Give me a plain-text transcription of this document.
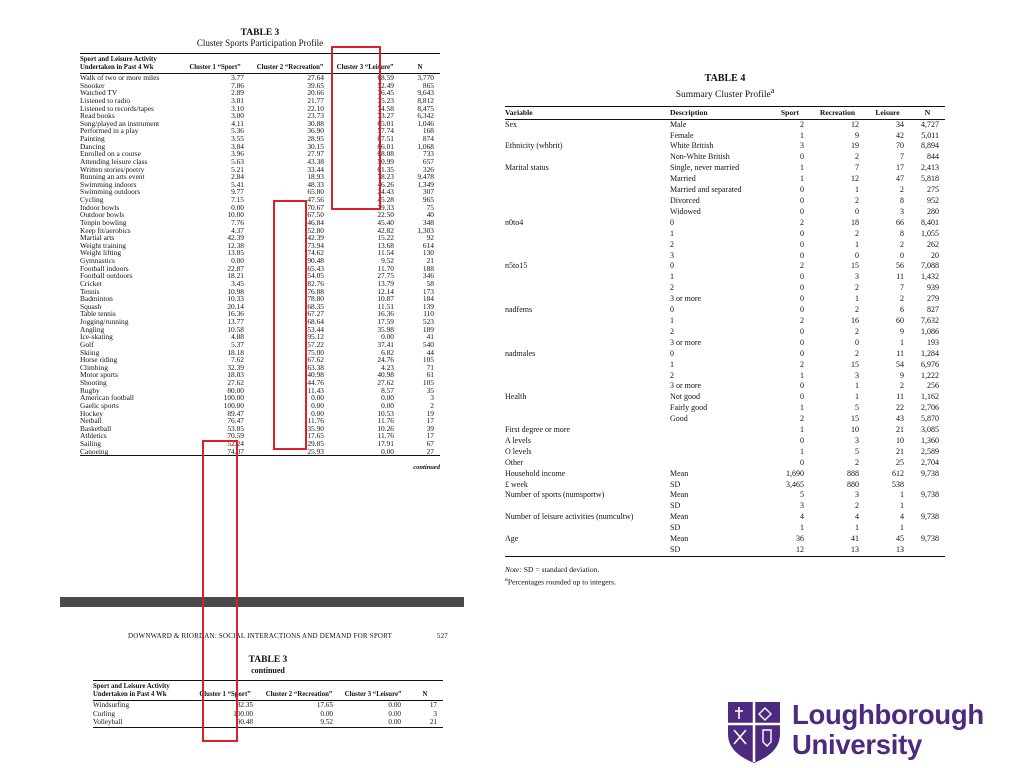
TABLE 3
Cluster Sports Participation Profile
Sport and Leisure Activity Undertaken in Past 4 Wk	Cluster 1 “Sport”	Cluster 2 “Recreation”	Cluster 3 “Leisure”	N
Walk of two or more miles	3.77	27.64	68.59	3,770
Snooker	7.86	39.65	52.49	865
Watched TV	2.89	20.66	76.45	9,643
Listened to radio	3.01	21.77	75.23	8,812
Listened to records/tapes	3.10	22.10	74.58	8,475
Read books	3.00	23.73	73.27	6,342
Sung/played an instrument	4.11	30.88	65.01	1,046
Performed in a play	5.36	36.90	57.74	168
Painting	3.55	28.95	67.51	874
Dancing	3.84	30.15	66.01	1,068
Enrolled on a course	3.96	27.97	68.08	733
Attending leisure class	5.63	43.38	50.99	657
Written stories/poetry	5.21	33.44	61.35	326
Running an arts event	2.84	18.93	78.23	9,478
Swimming indoors	5.41	48.33	46.26	1,349
Swimming outdoors	9.77	65.80	24.43	307
Cycling	7.15	47.56	45.28	965
Indoor bowls	0.00	70.67	29.33	75
Outdoor bowls	10.00	67.50	22.50	40
Tenpin bowling	7.76	46.84	45.40	348
Keep fit/aerobics	4.37	52.80	42.82	1,303
Martial arts	42.39	42.39	15.22	92
Weight training	12.38	73.94	13.68	614
Weight lifting	13.85	74.62	11.54	130
Gymnastics	0.00	90.48	9.52	21
Football indoors	22.87	65.43	11.70	188
Football outdoors	18.21	54.05	27.75	346
Cricket	3.45	82.76	13.79	58
Tennis	10.98	76.88	12.14	173
Badminton	10.33	78.80	10.87	184
Squash	20.14	68.35	11.51	139
Table tennis	16.36	67.27	16.36	110
Jogging/running	13.77	68.64	17.59	523
Angling	10.58	53.44	35.98	189
Ice-skating	4.88	95.12	0.00	41
Golf	5.37	57.22	37.41	540
Skiing	18.18	75.00	6.82	44
Horse riding	7.62	67.62	24.76	105
Climbing	32.39	63.38	4.23	71
Motor sports	18.03	40.98	40.98	61
Shooting	27.62	44.76	27.62	105
Rugby	80.00	11.43	8.57	35
American football	100.00	0.00	0.00	3
Gaelic sports	100.00	0.00	0.00	2
Hockey	89.47	0.00	10.53	19
Netball	76.47	11.76	11.76	17
Basketball	53.85	35.90	10.26	39
Athletics	70.59	17.65	11.76	17
Sailing	52.24	29.85	17.91	67
Canoeing	74.07	25.93	0.00	27
continued
DOWNWARD & RIORDAN: SOCIAL INTERACTIONS AND DEMAND FOR SPORT	527
TABLE 3
continued
Sport and Leisure Activity Undertaken in Past 4 Wk	Cluster 1 “Sport”	Cluster 2 “Recreation”	Cluster 3 “Leisure”	N
Windsurfing	82.35	17.65	0.00	17
Curling	100.00	0.00	0.00	3
Volleyball	90.48	9.52	0.00	21
TABLE 4
Summary Cluster Profile$^a$
Variable	Description	Sport	Recreation	Leisure	N
Sex	Male	2	12	34	4,727
	Female	1	9	42	5,011
Ethnicity (whbrit)	White British	3	19	70	8,894
	Non-White British	0	2	7	844
Marital status	Single, never married	1	7	17	2,413
	Married	1	12	47	5,818
	Married and separated	0	1	2	275
	Divorced	0	2	8	952
	Widowed	0	0	3	280
n0to4	0	2	18	66	8,401
	1	0	2	8	1,055
	2	0	1	2	262
	3	0	0	0	20
n5to15	0	2	15	56	7,088
	1	0	3	11	1,432
	2	0	2	7	939
	3 or more	0	1	2	279
nadfems	0	0	2	6	827
	1	2	16	60	7,632
	2	0	2	9	1,086
	3 or more	0	0	1	193
nadmales	0	0	2	11	1,284
	1	2	15	54	6,976
	2	1	3	9	1,222
	3 or more	0	1	2	256
Health	Not good	0	1	11	1,162
	Fairly good	1	5	22	2,706
	Good	2	15	43	5,870
First degree or more		1	10	21	3,085
A levels		0	3	10	1,360
O levels		1	5	21	2,589
Other		0	2	25	2,704
Household income	Mean	1,690	888	612	9,738
£ week	SD	3,465	880	538	
Number of sports (numsportw)	Mean	5	3	1	9,738
	SD	3	2	1	
Number of leisure activities (numcultw)	Mean	4	4	4	9,738
	SD	1	1	1	
Age	Mean	36	41	45	9,738
	SD	12	13	13	
Note: SD = standard deviation.
$^a$Percentages rounded up to integers.
Loughborough
University
